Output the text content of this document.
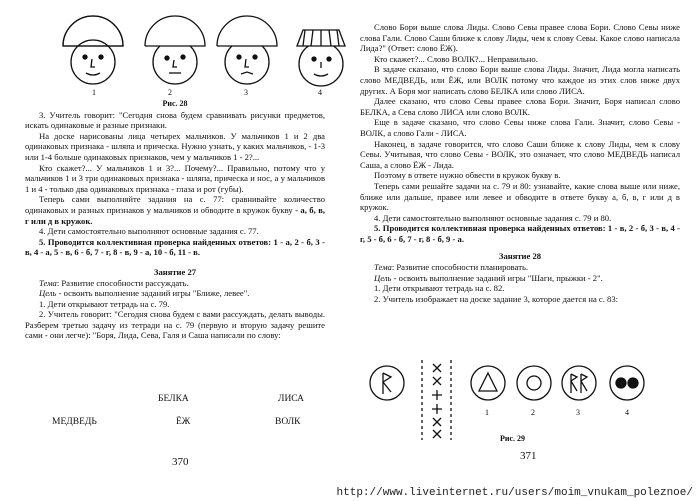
1	2	3	4

Рис. 28

3. Учитель говорит: "Сегодня снова будем сравнивать рисунки предметов, искать одинаковые и разные признаки.

На доске нарисованы лица четырех мальчиков. У мальчиков 1 и 2 два одинаковых признака - шляпа и прическа. Нужно узнать, у каких мальчиков, - 1-3 или 1-4 больше одинаковых признаков, чем у мальчиков 1 - 2?...

Кто скажет?... У мальчиков 1 и 3?... Почему?... Правильно, потому что у мальчиков 1 и 3 три одинаковых признака - шляпа, прическа и нос, а у мальчиков 1 и 4 - только два одинаковых признака - глаза и рот (губы).

Теперь сами выполняйте задания на с. 77: сравнивайте количество одинаковых и разных признаков у мальчиков и обводите в кружок букву - а, б, в, г или д в кружок.

4. Дети самостоятельно выполняют основные задания с. 77.

5. Проводится коллективная проверка найденных ответов: 1 - а, 2 - б, 3 - в, 4 - а, 5 - в, 6 - б, 7 - г, 8 - в, 9 - а, 10 - б, 11 - в.

Занятие 27

Тема: Развитие способности рассуждать.

Цель - освоить выполнение заданий игры "Ближе, левее".

1. Дети открывают тетрадь на с. 79.

2. Учитель говорит: "Сегодня снова будем с вами рассуждать, делать выводы. Разберем третью задачу из тетради на с. 79 (первую и вторую задачу решите сами - они легче): "Боря, Лида, Сева, Галя и Саша написали по слову:

БЕЛКА	ЛИСА
МЕДВЕДЬ	ЁЖ	ВОЛК
370

Слово Бори выше слова Лиды. Слово Севы правее слова Бори. Слово Севы ниже слова Гали. Слово Саши ближе к слову Лиды, чем к слову Севы. Какое слово написала Лида?" (Ответ: слово ЁЖ).

Кто скажет?... Слово ВОЛК?... Неправильно.

В задаче сказано, что слово Бори выше слова Лиды. Значит, Лида могла написать слово МЕДВЕДЬ, или ЁЖ, или ВОЛК потому что каждое из этих слов ниже двух других. А Боря мог написать слово БЕЛКА или слово ЛИСА.

Далее сказано, что слово Севы правее слова Бори. Значит, Боря написал слово БЕЛКА, а Сева слово ЛИСА или слово ВОЛК.

Еще в задаче сказано, что слово Севы ниже слова Гали. Значит, слово Севы - ВОЛК, а слово Гали - ЛИСА.

Наконец, в задаче говорится, что слово Саши ближе к слову Лиды, чем к слову Севы. Учитывая, что слово Севы - ВОЛК, это означает, что слово МЕДВЕДЬ написал Саша, а слово ЁЖ - Лида.

Поэтому в ответе нужно обвести в кружок букву в.

Теперь сами решайте задачи на с. 79 и 80: узнавайте, какие слова выше или ниже, ближе или дальше, правее или левее и обводите в ответе букву а, б, в, г или д в кружок.

4. Дети самостоятельно выполняют основные задания с. 79 и 80.

5. Проводится коллективная проверка найденных ответов: 1 - в, 2 - б, 3 - в, 4 - г, 5 - б, 6 - б, 7 - г, 8 - б, 9 - а.

Занятие 28

Тема: Развитие способности планировать.

Цель - освоить выполнение заданий игры "Шаги, прыжки - 2".

1. Дети открывают тетрадь на с. 82.

2. Учитель изображает на доске задание 3, которое дается на с. 83:

1	2	3	4
Рис. 29
371
http://www.liveinternet.ru/users/moim_vnukam_poleznoe/
